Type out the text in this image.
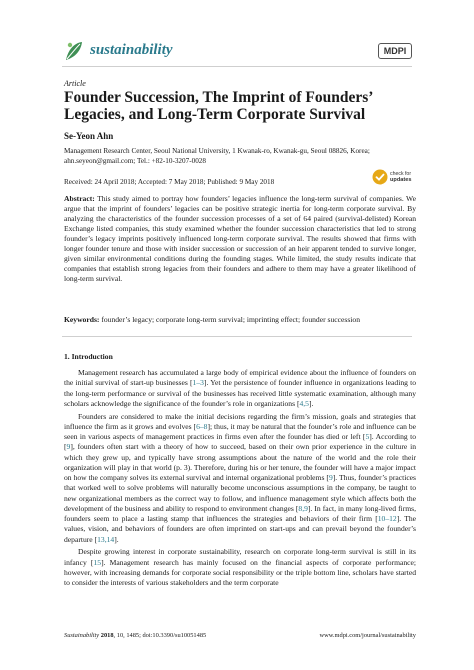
sustainability	MDPI
Article
Founder Succession, The Imprint of Founders’ Legacies, and Long-Term Corporate Survival
Se-Yeon Ahn
Management Research Center, Seoul National University, 1 Kwanak-ro, Kwanak-gu, Seoul 08826, Korea; ahn.seyeon@gmail.com; Tel.: +82-10-3207-0028
Received: 24 April 2018; Accepted: 7 May 2018; Published: 9 May 2018
check for
updates
Abstract: This study aimed to portray how founders’ legacies influence the long-term survival of companies. We argue that the imprint of founders’ legacies can be positive strategic inertia for long-term corporate survival. By analyzing the characteristics of the founder succession processes of a set of 64 paired (survival-delisted) Korean Exchange listed companies, this study examined whether the founder succession characteristics that led to strong founder’s legacy imprints positively influenced long-term corporate survival. The results showed that firms with longer founder tenure and those with insider succession or succession of an heir apparent tended to survive longer, given similar environmental conditions during the founding stages. While limited, the study results indicate that companies that establish strong legacies from their founders and adhere to them may have a greater likelihood of long-term survival.
Keywords: founder’s legacy; corporate long-term survival; imprinting effect; founder succession
1. Introduction

Management research has accumulated a large body of empirical evidence about the influence of founders on the initial survival of start-up businesses [1–3]. Yet the persistence of founder influence in organizations leading to the long-term performance or survival of the businesses has received little systematic examination, although many scholars acknowledge the significance of the founder’s role in organizations [4,5].

Founders are considered to make the initial decisions regarding the firm’s mission, goals and strategies that influence the firm as it grows and evolves [6–8]; thus, it may be natural that the founder’s role and influence can be seen in various aspects of management practices in firms even after the founder has died or left [5]. According to [9], founders often start with a theory of how to succeed, based on their own prior experience in the culture in which they grew up, and typically have strong assumptions about the nature of the world and the role their organization will play in that world (p. 3). Therefore, during his or her tenure, the founder will have a major impact on how the company solves its external survival and internal organizational problems [9]. Thus, founder’s practices that worked well to solve problems will naturally become unconscious assumptions in the company, be taught to new organizational members as the correct way to follow, and influence management style which affects both the development of the business and ability to respond to environment changes [8,9]. In fact, in many long-lived firms, founders seem to place a lasting stamp that influences the strategies and behaviors of their firm [10–12]. The values, vision, and behaviors of founders are often imprinted on start-ups and can prevail beyond the founder’s departure [13,14].

Despite growing interest in corporate sustainability, research on corporate long-term survival is still in its infancy [15]. Management research has mainly focused on the financial aspects of corporate performance; however, with increasing demands for corporate social responsibility or the triple bottom line, scholars have started to consider the interests of various stakeholders and the term corporate

Sustainability 2018, 10, 1485; doi:10.3390/su10051485	www.mdpi.com/journal/sustainability
